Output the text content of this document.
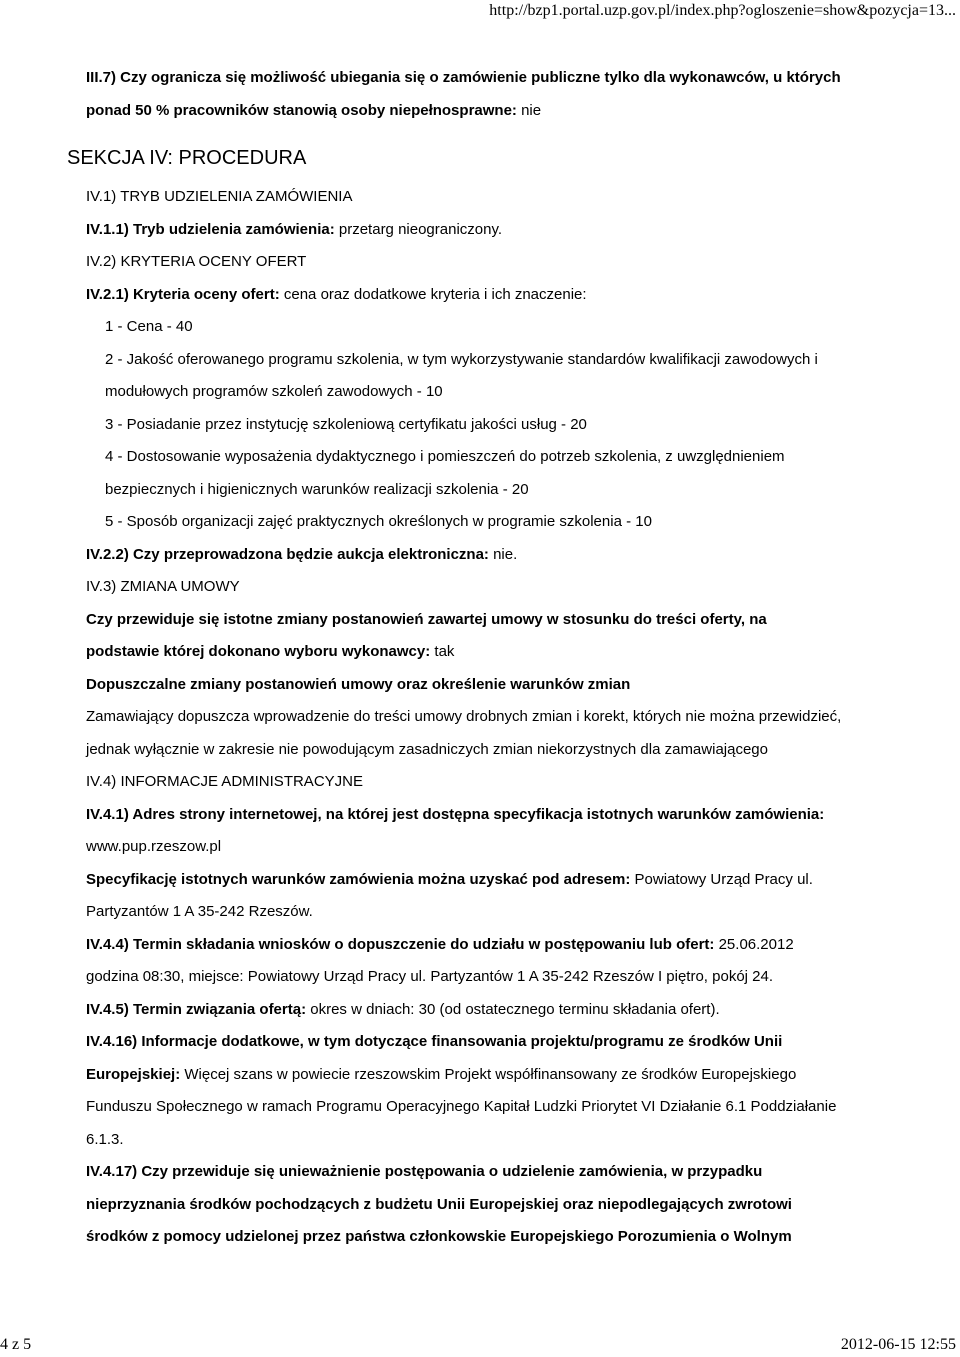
http://bzp1.portal.uzp.gov.pl/index.php?ogloszenie=show&pozycja=13...
III.7) Czy ogranicza się możliwość ubiegania się o zamówienie publiczne tylko dla wykonawców, u których
ponad 50 % pracowników stanowią osoby niepełnosprawne: nie
SEKCJA IV: PROCEDURA
IV.1) TRYB UDZIELENIA ZAMÓWIENIA
IV.1.1) Tryb udzielenia zamówienia: przetarg nieograniczony.
IV.2) KRYTERIA OCENY OFERT
IV.2.1) Kryteria oceny ofert: cena oraz dodatkowe kryteria i ich znaczenie:
1 - Cena - 40
2 - Jakość oferowanego programu szkolenia, w tym wykorzystywanie standardów kwalifikacji zawodowych i
modułowych programów szkoleń zawodowych - 10
3 - Posiadanie przez instytucję szkoleniową certyfikatu jakości usług - 20
4 - Dostosowanie wyposażenia dydaktycznego i pomieszczeń do potrzeb szkolenia, z uwzględnieniem
bezpiecznych i higienicznych warunków realizacji szkolenia - 20
5 - Sposób organizacji zajęć praktycznych określonych w programie szkolenia - 10
IV.2.2) Czy przeprowadzona będzie aukcja elektroniczna: nie.
IV.3) ZMIANA UMOWY
Czy przewiduje się istotne zmiany postanowień zawartej umowy w stosunku do treści oferty, na
podstawie której dokonano wyboru wykonawcy: tak
Dopuszczalne zmiany postanowień umowy oraz określenie warunków zmian
Zamawiający dopuszcza wprowadzenie do treści umowy drobnych zmian i korekt, których nie można przewidzieć,
jednak wyłącznie w zakresie nie powodującym zasadniczych zmian niekorzystnych dla zamawiającego
IV.4) INFORMACJE ADMINISTRACYJNE
IV.4.1) Adres strony internetowej, na której jest dostępna specyfikacja istotnych warunków zamówienia:
www.pup.rzeszow.pl
Specyfikację istotnych warunków zamówienia można uzyskać pod adresem: Powiatowy Urząd Pracy ul.
Partyzantów 1 A 35-242 Rzeszów.
IV.4.4) Termin składania wniosków o dopuszczenie do udziału w postępowaniu lub ofert: 25.06.2012
godzina 08:30, miejsce: Powiatowy Urząd Pracy ul. Partyzantów 1 A 35-242 Rzeszów I piętro, pokój 24.
IV.4.5) Termin związania ofertą: okres w dniach: 30 (od ostatecznego terminu składania ofert).
IV.4.16) Informacje dodatkowe, w tym dotyczące finansowania projektu/programu ze środków Unii
Europejskiej: Więcej szans w powiecie rzeszowskim Projekt współfinansowany ze środków Europejskiego
Funduszu Społecznego w ramach Programu Operacyjnego Kapitał Ludzki Priorytet VI Działanie 6.1 Poddziałanie
6.1.3.
IV.4.17) Czy przewiduje się unieważnienie postępowania o udzielenie zamówienia, w przypadku
nieprzyznania środków pochodzących z budżetu Unii Europejskiej oraz niepodlegających zwrotowi
środków z pomocy udzielonej przez państwa członkowskie Europejskiego Porozumienia o Wolnym
4 z 5	2012-06-15 12:55
